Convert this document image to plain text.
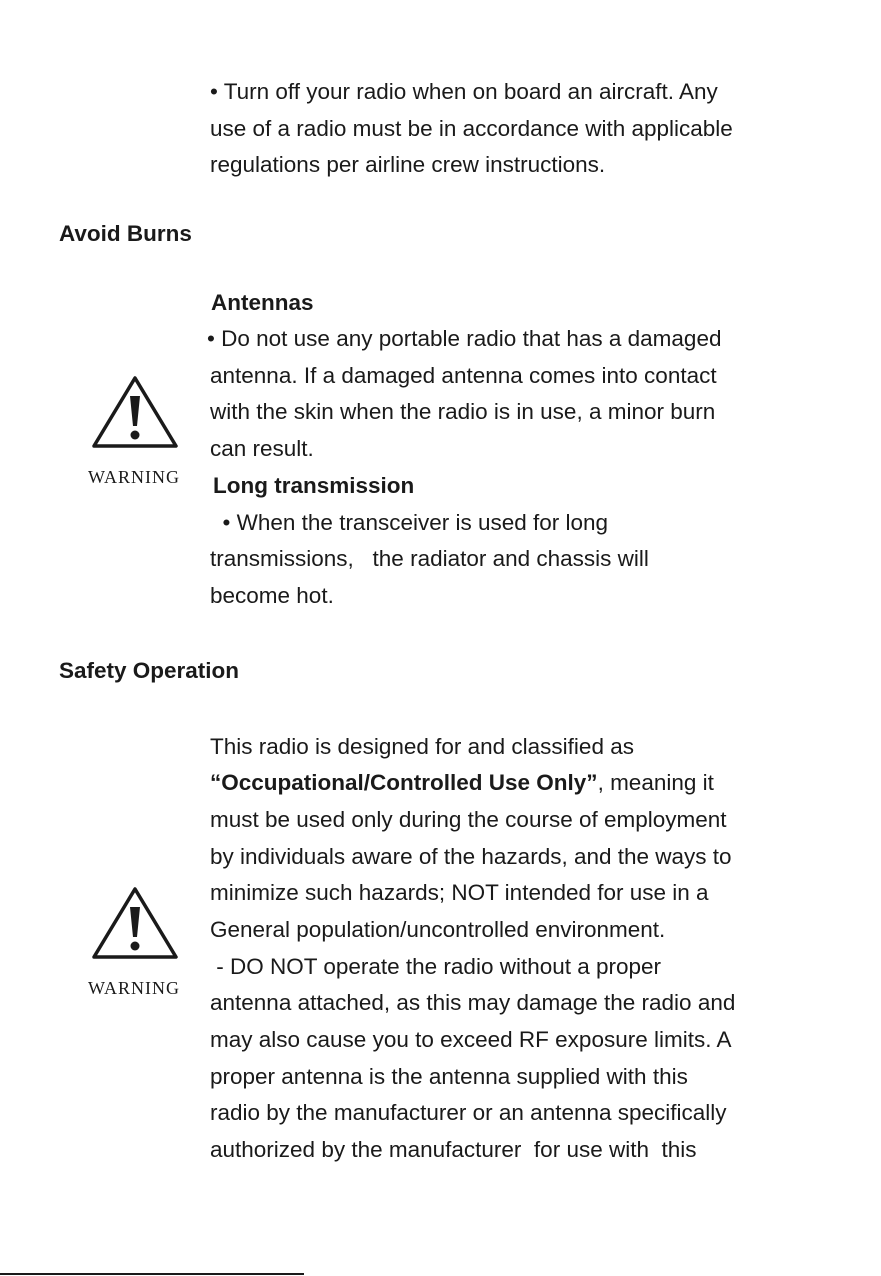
• Turn off your radio when on board an aircraft. Any
use of a radio must be in accordance with applicable
regulations per airline crew instructions.
Avoid Burns
Antennas
• Do not use any portable radio that has a damaged
antenna. If a damaged antenna comes into contact
with the skin when the radio is in use, a minor burn
can result.
WARNING	Long transmission
• When the transceiver is used for long
transmissions,   the radiator and chassis will
become hot.
Safety Operation
This radio is designed for and classified as
“Occupational/Controlled Use Only”, meaning it
must be used only during the course of employment
by individuals aware of the hazards, and the ways to
minimize such hazards; NOT intended for use in a
General population/uncontrolled environment.
- DO NOT operate the radio without a proper
antenna attached, as this may damage the radio and
may also cause you to exceed RF exposure limits. A
proper antenna is the antenna supplied with this
radio by the manufacturer or an antenna specifically
authorized by the manufacturer  for use with  this
WARNING
